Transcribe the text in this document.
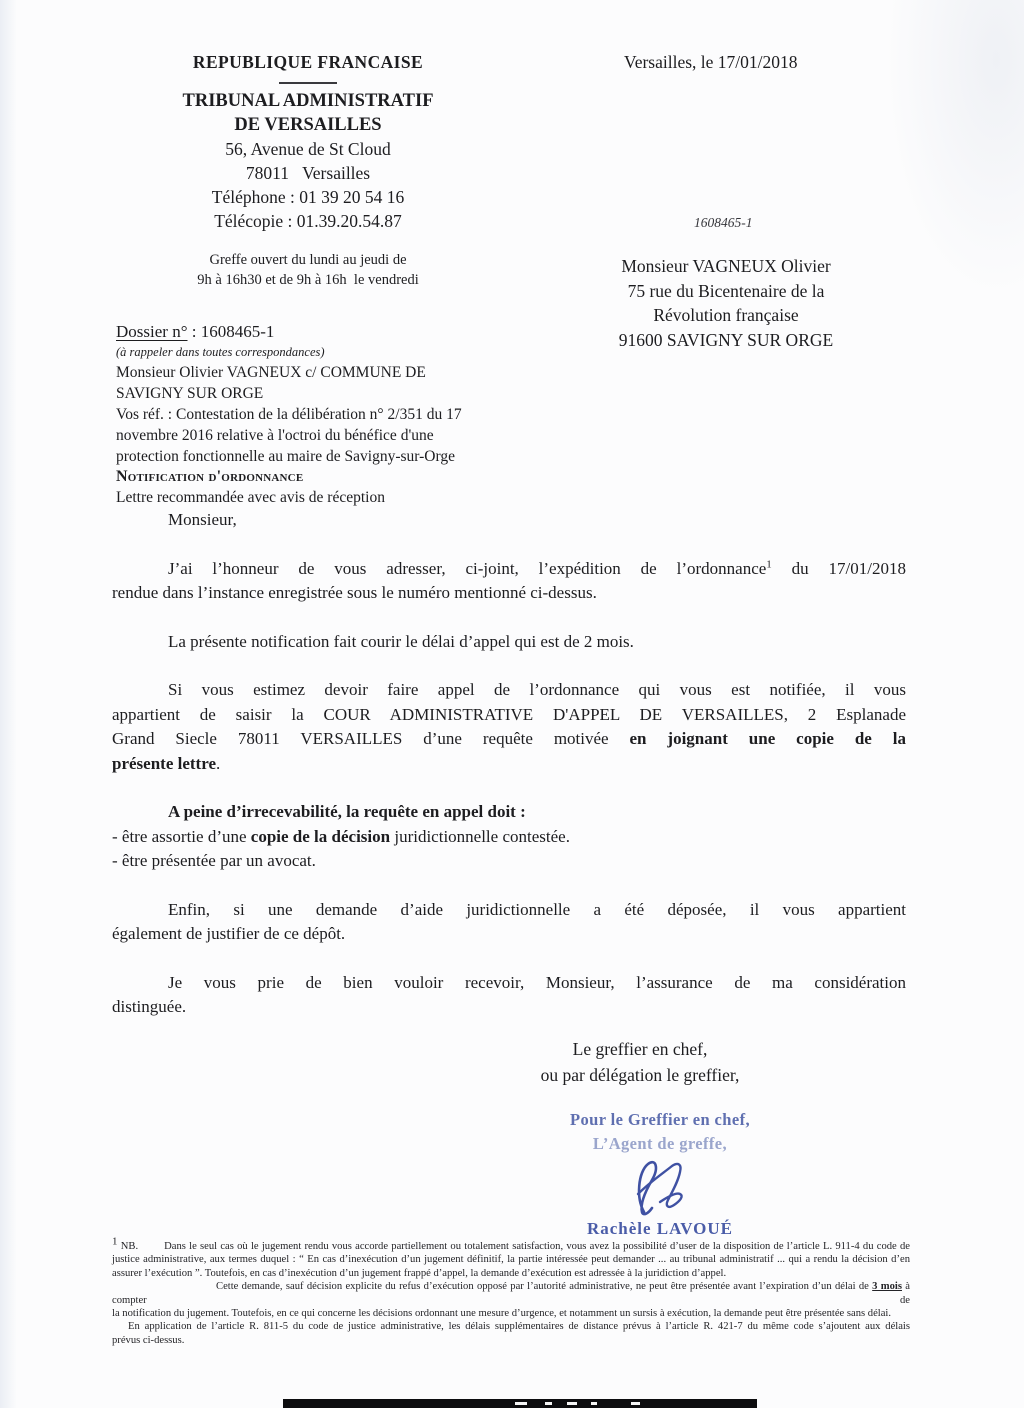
REPUBLIQUE FRANCAISE
TRIBUNAL ADMINISTRATIF
DE VERSAILLES
56, Avenue de St Cloud
78011   Versailles
Téléphone : 01 39 20 54 16
Télécopie : 01.39.20.54.87
Greffe ouvert du lundi au jeudi de
9h à 16h30 et de 9h à 16h  le vendredi
Versailles, le 17/01/2018
1608465-1
Monsieur VAGNEUX Olivier
75 rue du Bicentenaire de la
Révolution française
91600 SAVIGNY SUR ORGE
Dossier n° : 1608465-1
(à rappeler dans toutes correspondances)
Monsieur Olivier VAGNEUX c/ COMMUNE DE
SAVIGNY SUR ORGE
Vos réf. : Contestation de la délibération n° 2/351 du 17
novembre 2016 relative à l'octroi du bénéfice d'une
protection fonctionnelle au maire de Savigny-sur-Orge
Notification d'ordonnance
Lettre recommandée avec avis de réception
Monsieur,
J’ai l’honneur de vous adresser, ci-joint, l’expédition de l’ordonnance$^1$ du 17/01/2018
rendue dans l’instance enregistrée sous le numéro mentionné ci-dessus.
La présente notification fait courir le délai d’appel qui est de 2 mois.
Si vous estimez devoir faire appel de l’ordonnance qui vous est notifiée, il vous
appartient de saisir la COUR ADMINISTRATIVE D'APPEL DE VERSAILLES, 2 Esplanade
Grand Siecle 78011 VERSAILLES d’une requête motivée en joignant une copie de la
présente lettre.
A peine d’irrecevabilité, la requête en appel doit :
- être assortie d’une copie de la décision juridictionnelle contestée.
- être présentée par un avocat.
Enfin, si une demande d’aide juridictionnelle a été déposée, il vous appartient
également de justifier de ce dépôt.
Je vous prie de bien vouloir recevoir, Monsieur, l’assurance de ma considération
distinguée.
Le greffier en chef,
ou par délégation le greffier,
Pour le Greffier en chef,
L’Agent de greffe,
Rachèle LAVOUÉ
$^1$ NB. Dans le seul cas où le jugement rendu vous accorde partiellement ou totalement satisfaction, vous avez la possibilité d’user de la disposition de l’article L. 911-4 du code de
justice administrative, aux termes duquel : “ En cas d’inexécution d’un jugement définitif, la partie intéressée peut demander ... au tribunal administratif ... qui a rendu la décision d’en
assurer l’exécution ”. Toutefois, en cas d’inexécution d’un jugement frappé d’appel, la demande d’exécution est adressée à la juridiction d’appel.
Cette demande, sauf décision explicite du refus d’exécution opposé par l’autorité administrative, ne peut être présentée avant l’expiration d’un délai de 3 mois à compter de
la notification du jugement. Toutefois, en ce qui concerne les décisions ordonnant une mesure d’urgence, et notamment un sursis à exécution, la demande peut être présentée sans délai.
En application de l’article R. 811-5 du code de justice administrative, les délais supplémentaires de distance prévus à l’article R. 421-7 du même code s’ajoutent aux délais
prévus ci-dessus.
